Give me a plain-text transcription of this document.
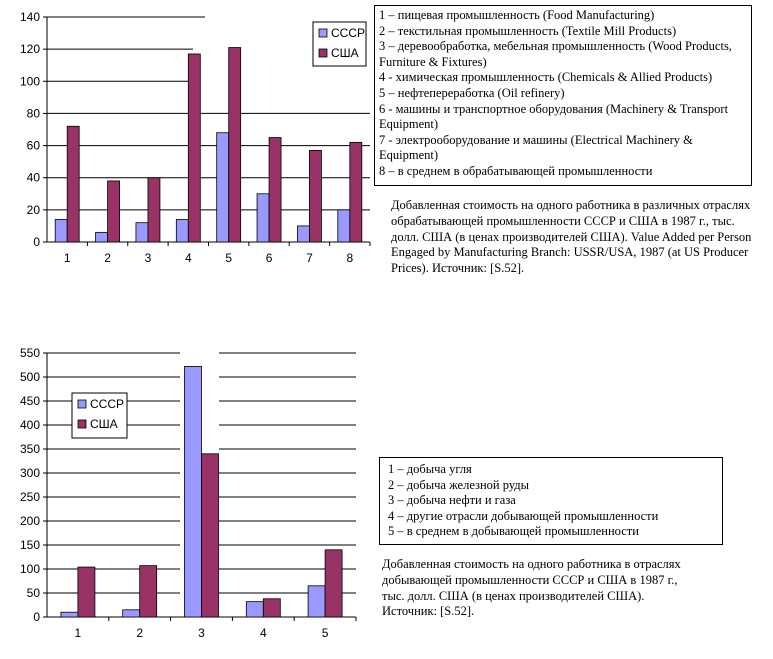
0
20
40
60
80
100
120
140
1	2	3	4	5	6	7	8
СССР
США
0
50
100
150
200
250
300
350
400
450
500
550
1	2	3	4	5
СССР
США
1 – пищевая промышленность (Food Manufacturing)
2 – текстильная промышленность (Textile Mill Products)
3 – деревообработка, мебельная промышленность (Wood Products, Furniture & Fixtures)
4 - химическая промышленность (Chemicals & Allied Products)
5 – нефтепереработка (Oil refinery)
6 - машины и транспортное оборудования (Machinery & Transport Equipment)
7 - электрооборудование и машины (Electrical Machinery & Equipment)
8 – в среднем в обрабатывающей промышленности
Добавленная стоимость на одного работника в различных отраслях обрабатывающей промышленности СССР и США в 1987 г., тыс. долл. США (в ценах производителей США). Value Added per Person Engaged by Manufacturing Branch: USSR/USA, 1987 (at US Producer Prices). Источник: [S.52].
1 – добыча угля
2 – добыча железной руды
3 – добыча нефти и газа
4 – другие отрасли добывающей промышленности
5 – в среднем в добывающей промышленности
Добавленная стоимость на одного работника в отраслях добывающей промышленности СССР и США в 1987 г., тыс. долл. США (в ценах производителей США). Источник: [S.52].
